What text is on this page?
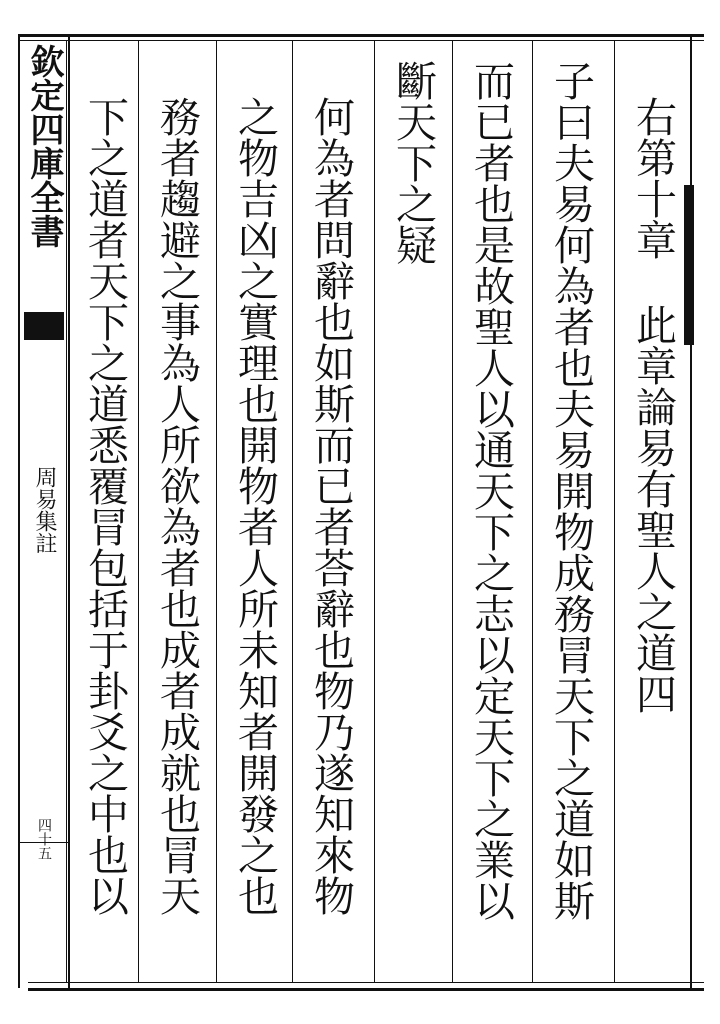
欽定四庫全書
周易集註
四十五
右第十章此章論易有聖人之道四
子曰夫易何為者也夫易開物成務冐天下之道如斯
而已者也是故聖人以通天下之志以定天下之業以
斷天下之疑
何為者問辭也如斯而已者荅辭也物乃遂知來物
之物吉凶之實理也開物者人所未知者開發之也
務者趨避之事為人所欲為者也成者成就也冐天
下之道者天下之道悉覆冐包括于卦爻之中也以
